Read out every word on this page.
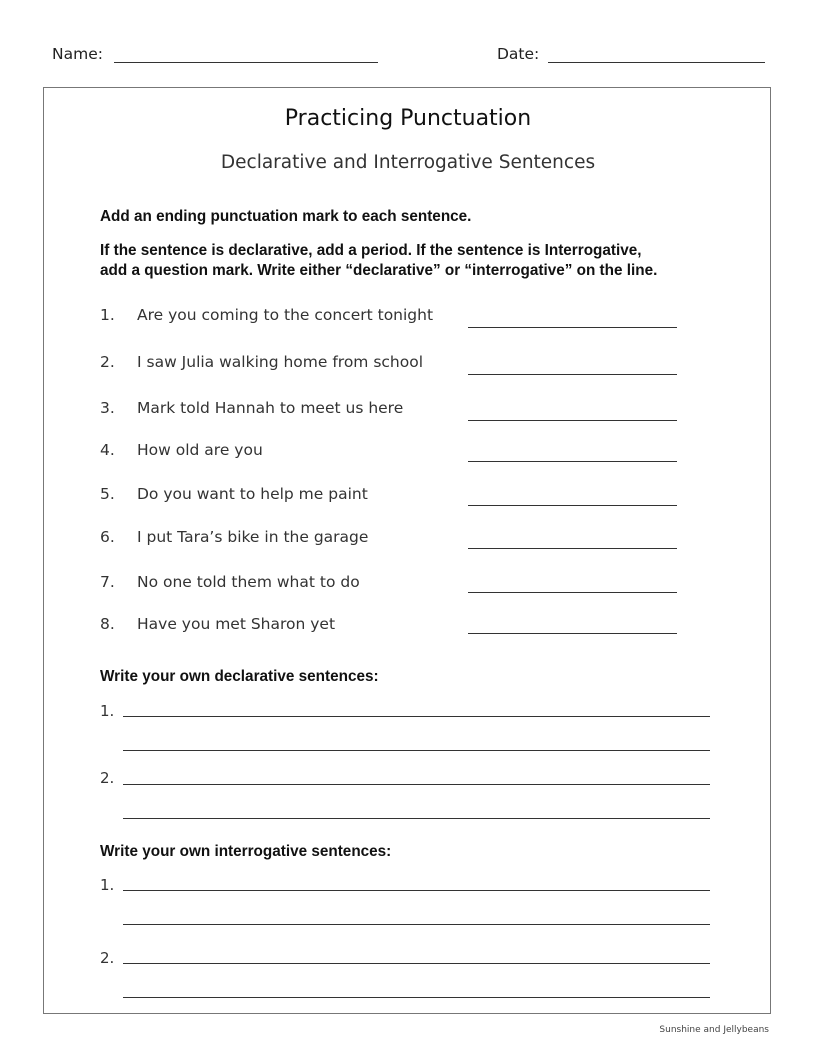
Name:	Date:
Practicing Punctuation
Declarative and Interrogative Sentences
Add an ending punctuation mark to each sentence.
If the sentence is declarative, add a period. If the sentence is Interrogative,
add a question mark. Write either “declarative” or “interrogative” on the line.
1. Are you coming to the concert tonight
2. I saw Julia walking home from school
3. Mark told Hannah to meet us here
4. How old are you
5. Do you want to help me paint
6. I put Tara’s bike in the garage
7. No one told them what to do
8. Have you met Sharon yet
Write your own declarative sentences:
1.
2.
Write your own interrogative sentences:
1.
2.
Sunshine and Jellybeans
